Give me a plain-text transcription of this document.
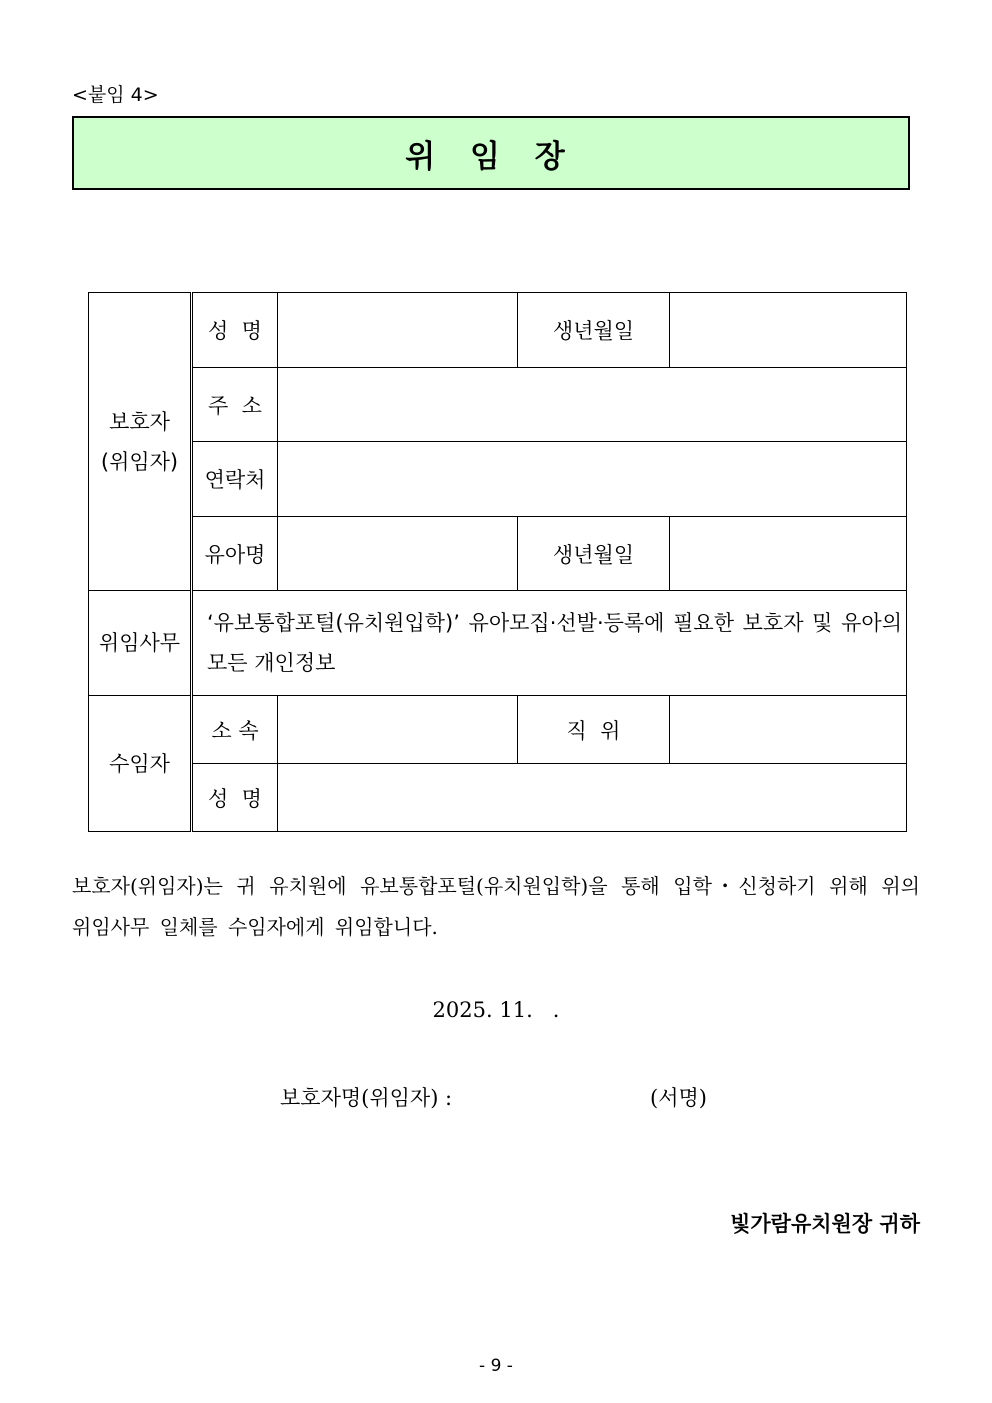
<붙임 4>
위 임 장
보호자
(위임자)	성  명		생년월일	
	주  소			
	연락처			
	유아명		생년월일	
위임사무	‘유보통합포털(유치원입학)’ 유아모집·선발·등록에 필요한 보호자 및 유아의 모든 개인정보			
수임자	소 속		직  위	
	성  명			
보호자(위임자)는 귀 유치원에 유보통합포털(유치원입학)을 통해 입학・신청하기 위해 위의 위임사무 일체를 수임자에게 위임합니다.
2025. 11.   .
보호자명(위임자) :	(서명)
빛가람유치원장 귀하
- 9 -
